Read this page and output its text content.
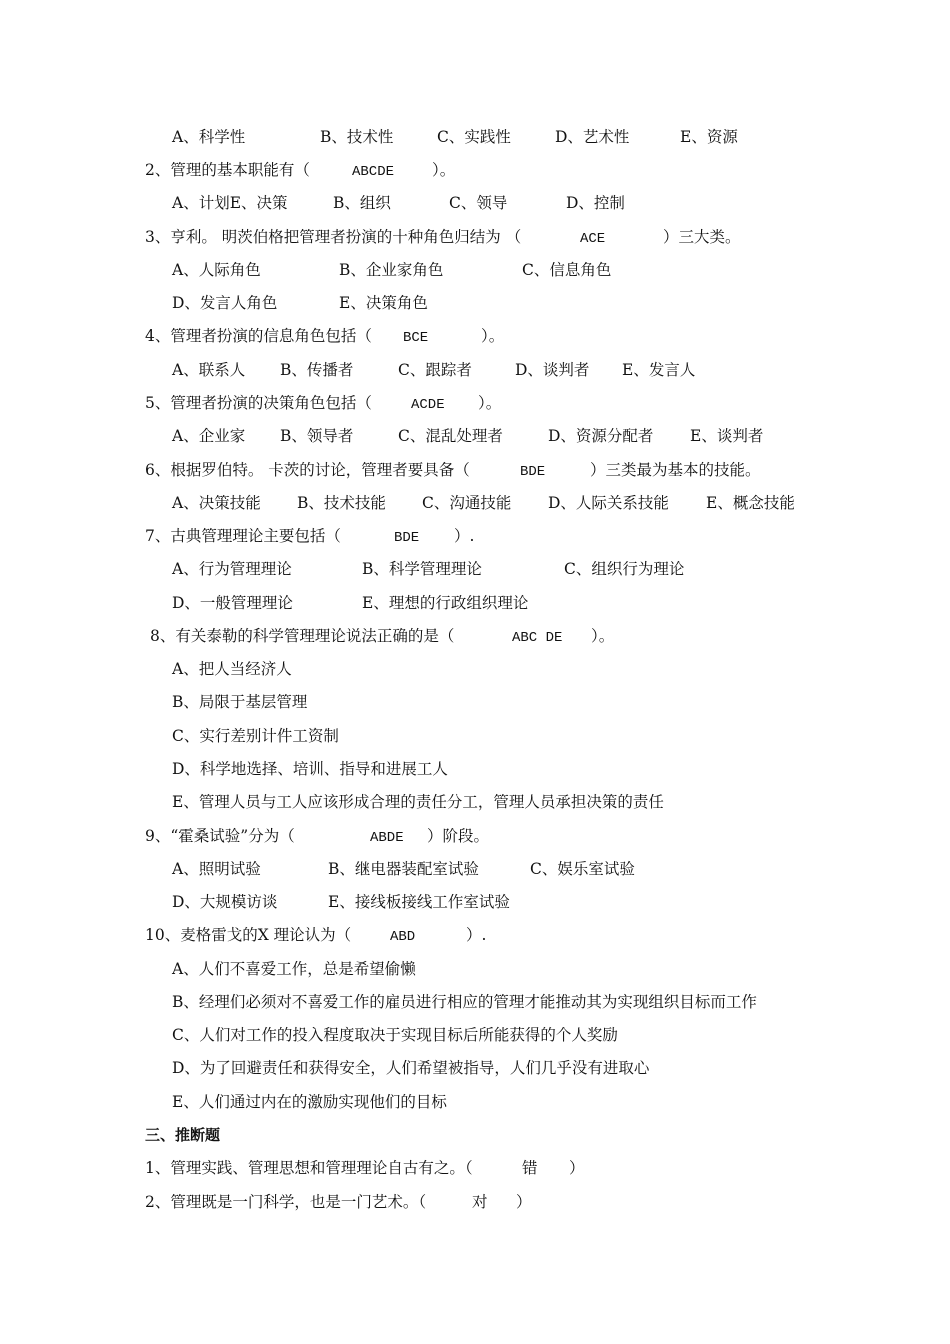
A、科学性	B、技术性	C、实践性	D、艺术性	E、资源
2、管理的基本职能有（	ABCDE ）。
A、计划E、决策	B、组织	C、领导	D、控制
3、亨利。 明茨伯格把管理者扮演的十种角色归结为 （	ACE	）三大类。
A、人际角色	B、企业家角色	C、信息角色
D、发言人角色	E、决策角色
4、管理者扮演的信息角色包括（ BCE	）。
A、联系人 B、传播者	C、跟踪者	D、谈判者 E、发言人
5、管理者扮演的决策角色包括（	ACDE ）。
A、企业家 B、领导者	C、混乱处理者	D、资源分配者 E、谈判者
6、根据罗伯特。 卡茨的讨论，管理者要具备（	BDE	）三类最为基本的技能。
A、决策技能 B、技术技能 C、沟通技能 D、人际关系技能 E、概念技能
7、古典管理理论主要包括（	BDE ）.
A、行为管理理论	B、科学管理理论	C、组织行为理论
D、一般管理理论	E、理想的行政组织理论
8、有关泰勒的科学管理理论说法正确的是（	ABC DE ）。
A、把人当经济人
B、局限于基层管理
C、实行差别计件工资制
D、科学地选择、培训、指导和进展工人
E、管理人员与工人应该形成合理的责任分工，管理人员承担决策的责任
9、“霍桑试验”分为（	ABDE ）阶段。
A、照明试验	B、继电器装配室试验	C、娱乐室试验
D、大规模访谈	E、接线板接线工作室试验
10、麦格雷戈的X 理论认为（	ABD	）.
A、人们不喜爱工作，总是希望偷懒
B、经理们必须对不喜爱工作的雇员进行相应的管理才能推动其为实现组织目标而工作
C、人们对工作的投入程度取决于实现目标后所能获得的个人奖励
D、为了回避责任和获得安全，人们希望被指导，人们几乎没有进取心
E、人们通过内在的激励实现他们的目标
三、推断题
1、管理实践、管理思想和管理理论自古有之。（	错 ）
2、管理既是一门科学，也是一门艺术。（	对 ）
